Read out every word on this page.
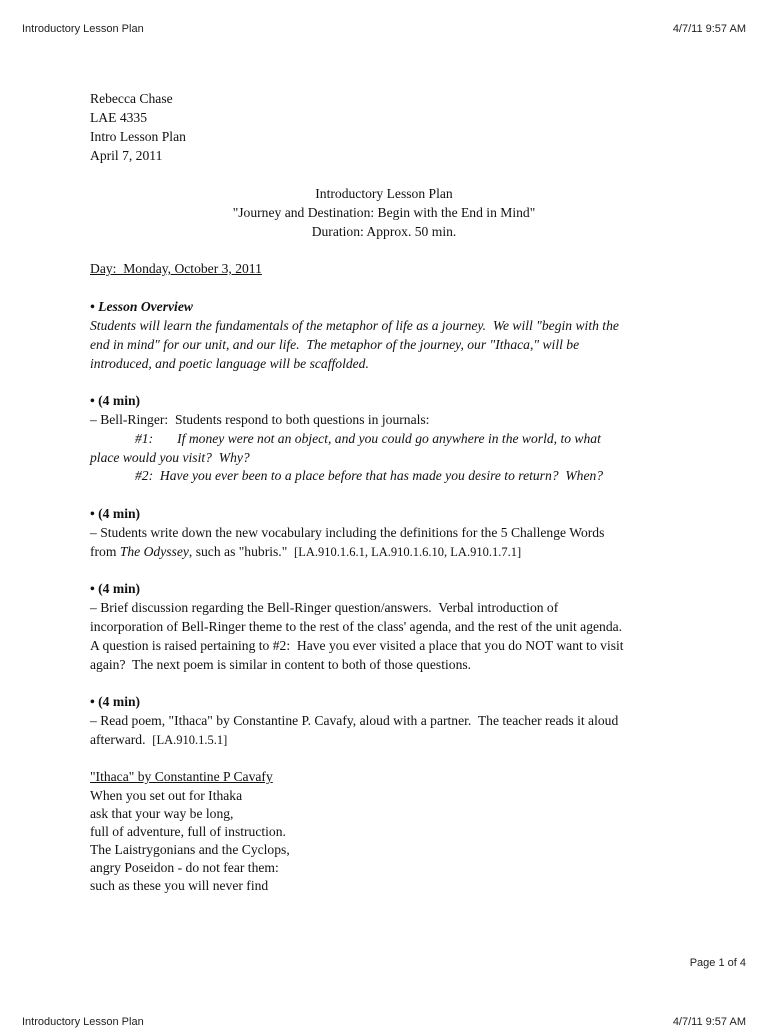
Introductory Lesson Plan	4/7/11 9:57 AM
Rebecca Chase
LAE 4335
Intro Lesson Plan
April 7, 2011
Introductory Lesson Plan
"Journey and Destination: Begin with the End in Mind"
Duration: Approx. 50 min.
Day:  Monday, October 3, 2011
• Lesson Overview
Students will learn the fundamentals of the metaphor of life as a journey.  We will "begin with the
end in mind" for our unit, and our life.  The metaphor of the journey, our "Ithaca," will be
introduced, and poetic language will be scaffolded.
• (4 min)
– Bell-Ringer:  Students respond to both questions in journals:
#1: If money were not an object, and you could go anywhere in the world, to what
place would you visit?  Why?
#2:  Have you ever been to a place before that has made you desire to return?  When?
• (4 min)
– Students write down the new vocabulary including the definitions for the 5 Challenge Words
from The Odyssey, such as "hubris."  [LA.910.1.6.1, LA.910.1.6.10, LA.910.1.7.1]
• (4 min)
– Brief discussion regarding the Bell-Ringer question/answers.  Verbal introduction of
incorporation of Bell-Ringer theme to the rest of the class' agenda, and the rest of the unit agenda.
A question is raised pertaining to #2:  Have you ever visited a place that you do NOT want to visit
again?  The next poem is similar in content to both of those questions.
• (4 min)
– Read poem, "Ithaca" by Constantine P. Cavafy, aloud with a partner.  The teacher reads it aloud
afterward.  [LA.910.1.5.1]
"Ithaca" by Constantine P Cavafy
When you set out for Ithaka
ask that your way be long,
full of adventure, full of instruction.
The Laistrygonians and the Cyclops,
angry Poseidon - do not fear them:
such as these you will never find
Page 1 of 4
Introductory Lesson Plan	4/7/11 9:57 AM
